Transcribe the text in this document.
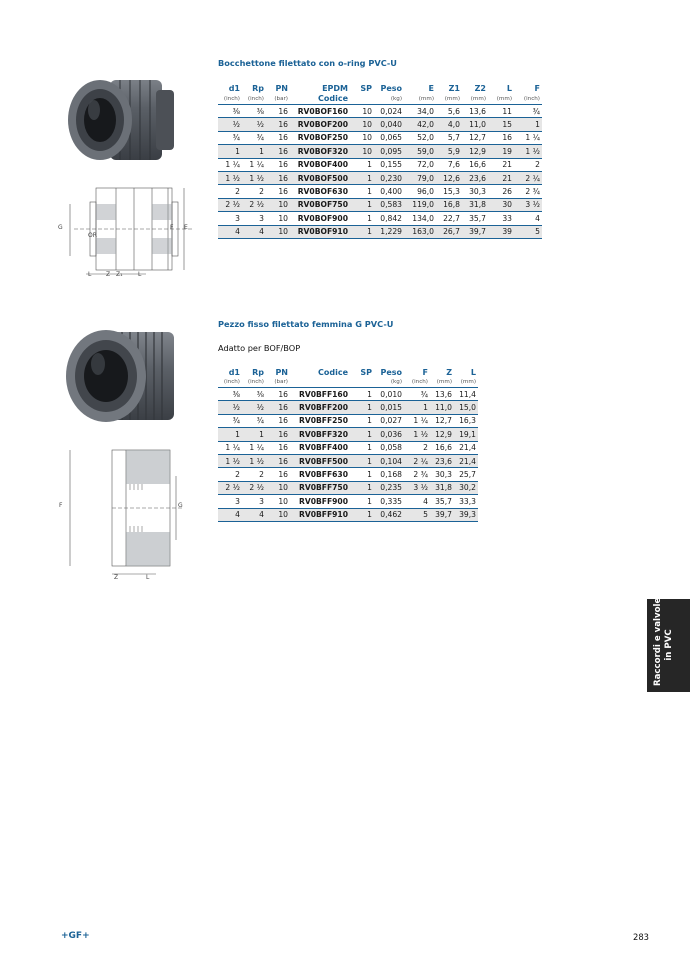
Bocchettone filettato con o-ring PVC-U
G
OR
F E
L Z Z₁	L
d1	Rp	PN	EPDM	SP	Peso	E	Z1	Z2	L	F
(inch)	(inch)	(bar)	Codice		(kg)	(mm)	(mm)	(mm)	(mm)	(inch)
⅜	⅜	16	RV0BOF160	10	0,024	34,0	5,6	13,6	11	¾
½	½	16	RV0BOF200	10	0,040	42,0	4,0	11,0	15	1
¾	¾	16	RV0BOF250	10	0,065	52,0	5,7	12,7	16	1 ¼
1	1	16	RV0BOF320	10	0,095	59,0	5,9	12,9	19	1 ½
1 ¼	1 ¼	16	RV0BOF400	1	0,155	72,0	7,6	16,6	21	2
1 ½	1 ½	16	RV0BOF500	1	0,230	79,0	12,6	23,6	21	2 ¼
2	2	16	RV0BOF630	1	0,400	96,0	15,3	30,3	26	2 ¾
2 ½	2 ½	10	RV0BOF750	1	0,583	119,0	16,8	31,8	30	3 ½
3	3	10	RV0BOF900	1	0,842	134,0	22,7	35,7	33	4
4	4	10	RV0BOF910	1	1,229	163,0	26,7	39,7	39	5
Pezzo fisso filettato femmina G PVC-U
Adatto per BOF/BOP
F	G
Z	L
d1	Rp	PN	Codice	SP	Peso	F	Z	L
(inch)	(inch)	(bar)			(kg)	(inch)	(mm)	(mm)
⅜	⅜	16	RV0BFF160	1	0,010	¾	13,6	11,4
½	½	16	RV0BFF200	1	0,015	1	11,0	15,0
¾	¾	16	RV0BFF250	1	0,027	1 ¼	12,7	16,3
1	1	16	RV0BFF320	1	0,036	1 ½	12,9	19,1
1 ¼	1 ¼	16	RV0BFF400	1	0,058	2	16,6	21,4
1 ½	1 ½	16	RV0BFF500	1	0,104	2 ¼	23,6	21,4
2	2	16	RV0BFF630	1	0,168	2 ¾	30,3	25,7
2 ½	2 ½	10	RV0BFF750	1	0,235	3 ½	31,8	30,2
3	3	10	RV0BFF900	1	0,335	4	35,7	33,3
4	4	10	RV0BFF910	1	0,462	5	39,7	39,3
Raccordi e valvole in PVC
+GF+	283
